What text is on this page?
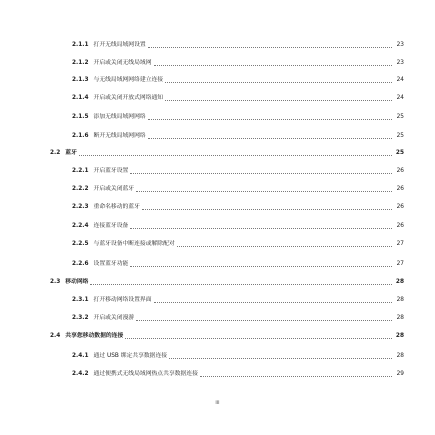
2.1.1 打开无线局域网设置	23
2.1.2 开启或关闭无线局域网	23
2.1.3 与无线局域网网络建立连接	24
2.1.4 开启或关闭开放式网络通知	24
2.1.5 添加无线局域网网络	25
2.1.6 断开无线局域网网络	25
2.2 蓝牙	25
2.2.1 开启蓝牙设置	26
2.2.2 开启或关闭蓝牙	26
2.2.3 重命名移动的蓝牙	26
2.2.4 连接蓝牙设备	26
2.2.5 与蓝牙设备中断连接或解除配对	27
2.2.6 设置蓝牙功能	27
2.3 移动网络	28
2.3.1 打开移动网络设置界面	28
2.3.2 开启或关闭漫游	28
2.4 共享您移动数据的连接	28
2.4.1 通过 USB 绑定共享数据连接	28
2.4.2 通过便携式无线局域网热点共享数据连接	29
iii
